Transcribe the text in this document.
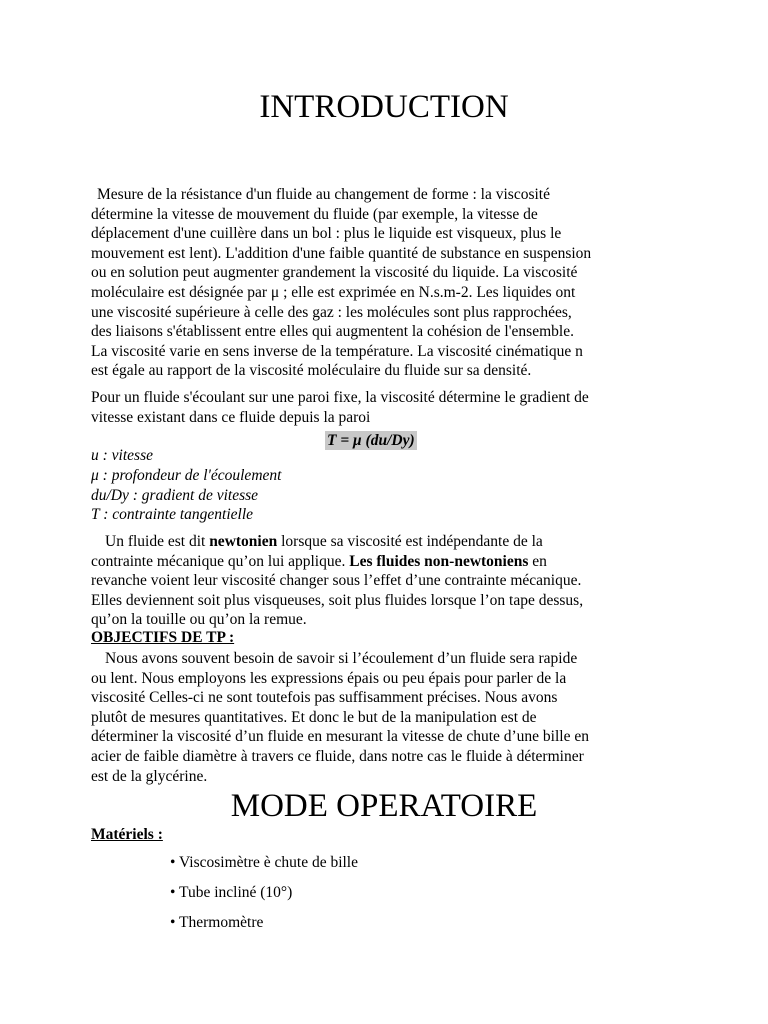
INTRODUCTION
Mesure de la résistance d'un fluide au changement de forme : la viscosité
détermine la vitesse de mouvement du fluide (par exemple, la vitesse de
déplacement d'une cuillère dans un bol : plus le liquide est visqueux, plus le
mouvement est lent). L'addition d'une faible quantité de substance en suspension
ou en solution peut augmenter grandement la viscosité du liquide. La viscosité
moléculaire est désignée par μ ; elle est exprimée en N.s.m-2. Les liquides ont
une viscosité supérieure à celle des gaz : les molécules sont plus rapprochées,
des liaisons s'établissent entre elles qui augmentent la cohésion de l'ensemble.
La viscosité varie en sens inverse de la température. La viscosité cinématique n
est égale au rapport de la viscosité moléculaire du fluide sur sa densité.
Pour un fluide s'écoulant sur une paroi fixe, la viscosité détermine le gradient de
vitesse existant dans ce fluide depuis la paroi
T = μ (du/Dy)
u : vitesse
μ : profondeur de l'écoulement
du/Dy : gradient de vitesse
T : contrainte tangentielle
Un fluide est dit newtonien lorsque sa viscosité est indépendante de la
contrainte mécanique qu’on lui applique. Les fluides non-newtoniens en
revanche voient leur viscosité changer sous l’effet d’une contrainte mécanique.
Elles deviennent soit plus visqueuses, soit plus fluides lorsque l’on tape dessus,
qu’on la touille ou qu’on la remue.
OBJECTIFS DE TP :
Nous avons souvent besoin de savoir si l’écoulement d’un fluide sera rapide
ou lent. Nous employons les expressions épais ou peu épais pour parler de la
viscosité Celles-ci ne sont toutefois pas suffisamment précises. Nous avons
plutôt de mesures quantitatives. Et donc le but de la manipulation est de
déterminer la viscosité d’un fluide en mesurant la vitesse de chute d’une bille en
acier de faible diamètre à travers ce fluide, dans notre cas le fluide à déterminer
est de la glycérine.
MODE OPERATOIRE
Matériels :
• Viscosimètre è chute de bille
• Tube incliné (10°)
• Thermomètre
